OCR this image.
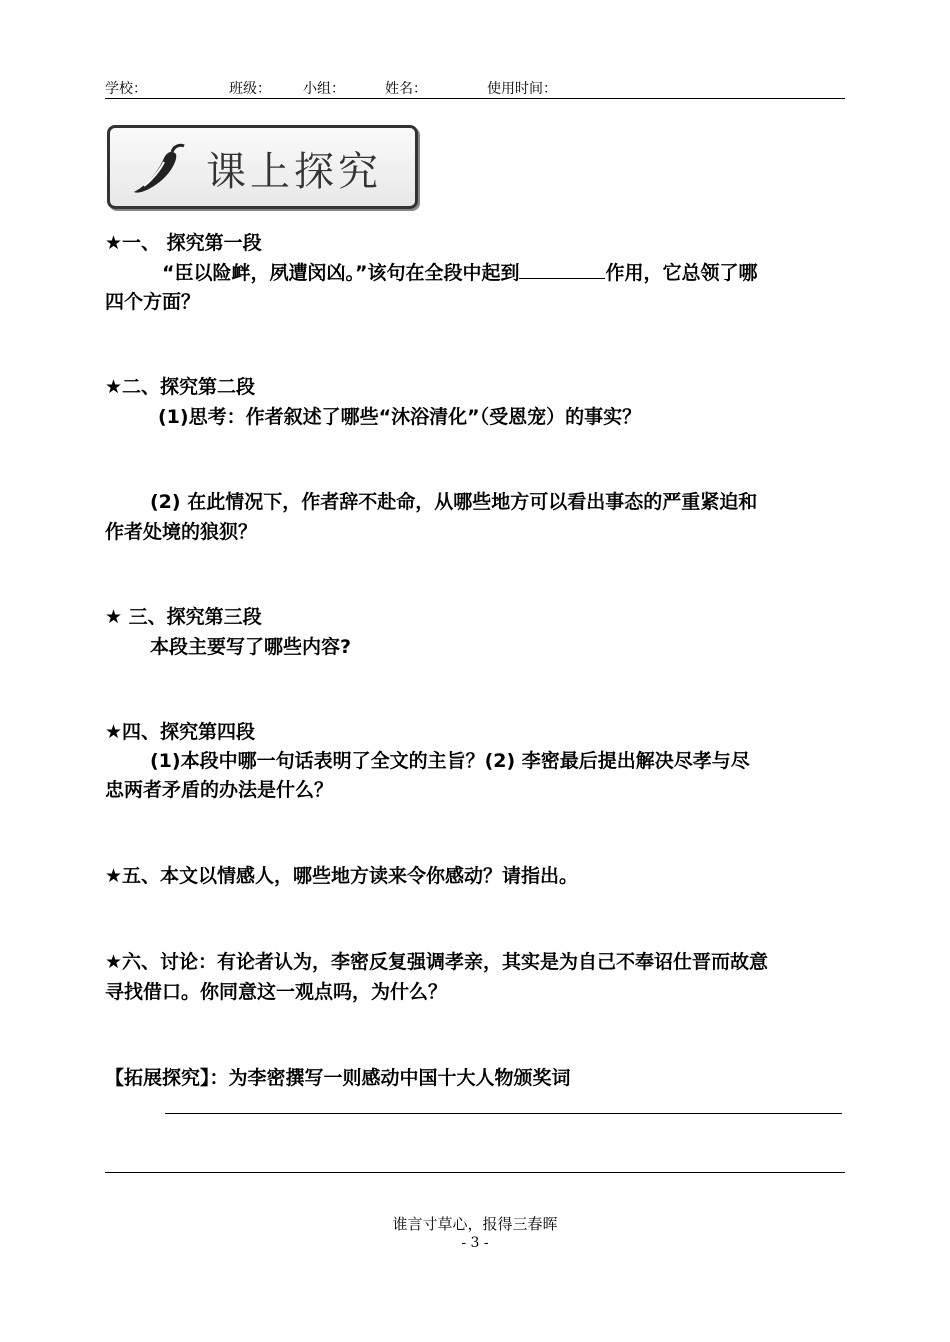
学校：	班级： 小组：	姓名：	使用时间：
课上探究
★一、 探究第一段
“臣以险衅，夙遭闵凶。”该句在全段中起到	作用，它总领了哪
四个方面？
★二、探究第二段
(1)思考：作者叙述了哪些“沐浴清化”（受恩宠）的事实？
(2) 在此情况下，作者辞不赴命，从哪些地方可以看出事态的严重紧迫和
作者处境的狼狈？
★ 三、探究第三段
本段主要写了哪些内容?
★四、探究第四段
(1)本段中哪一句话表明了全文的主旨？(2) 李密最后提出解决尽孝与尽
忠两者矛盾的办法是什么？
★五、本文以情感人，哪些地方读来令你感动？请指出。
★六、讨论：有论者认为，李密反复强调孝亲，其实是为自己不奉诏仕晋而故意
寻找借口。你同意这一观点吗，为什么？
【拓展探究】：为李密撰写一则感动中国十大人物颁奖词
谁言寸草心，报得三春晖
- 3 -
